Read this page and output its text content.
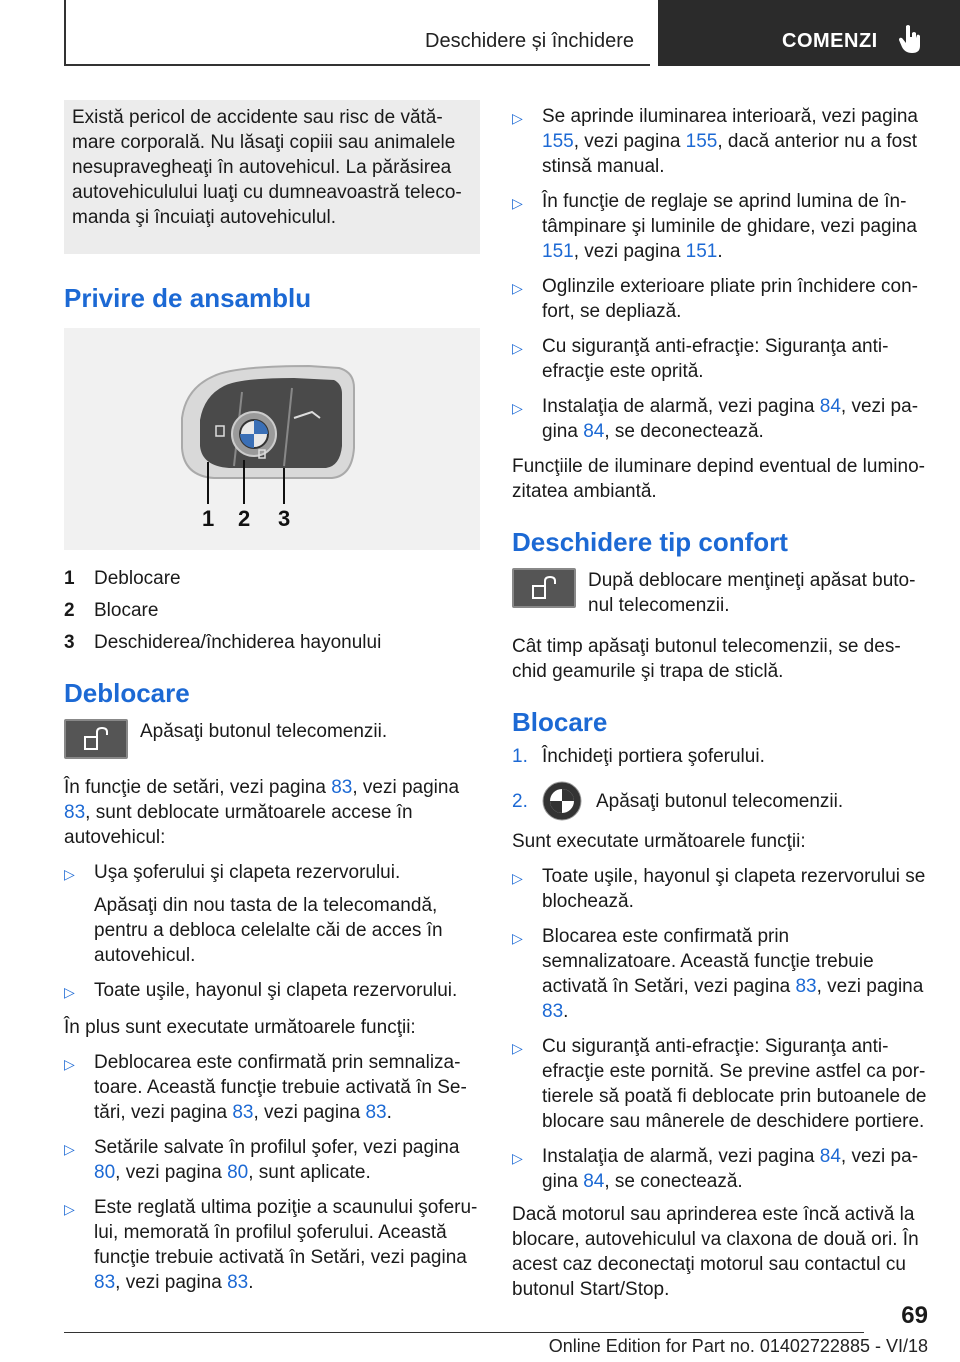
Deschidere și închidere	COMENZI
Există pericol de accidente sau risc de vătămare corporală. Nu lăsaţi copiii sau animalele nesupravegheaţi în autovehicul. La părăsirea autovehiculului luaţi cu dumneavoastră telecomanda şi încuiaţi autovehiculul.
Privire de ansamblu
1 2 3
1	Deblocare
2	Blocare
3	Deschiderea/închiderea hayonului
Deblocare
Apăsaţi butonul telecomenzii.
În funcţie de setări, vezi pagina 83, vezi pagina 83, sunt deblocate următoarele accese în autovehicul:
▷	Uşa şoferului şi clapeta rezervorului.
Apăsaţi din nou tasta de la telecomandă, pentru a debloca celelalte căi de acces în autovehicul.
▷	Toate uşile, hayonul şi clapeta rezervorului.
În plus sunt executate următoarele funcţii:
▷	Deblocarea este confirmată prin semnalizatoare. Această funcţie trebuie activată în Setări, vezi pagina 83, vezi pagina 83.
▷	Setările salvate în profilul şofer, vezi pagina 80, vezi pagina 80, sunt aplicate.
▷	Este reglată ultima poziţie a scaunului şoferului, memorată în profilul şoferului. Această funcţie trebuie activată în Setări, vezi pagina 83, vezi pagina 83.
▷	Se aprinde iluminarea interioară, vezi pagina 155, vezi pagina 155, dacă anterior nu a fost stinsă manual.
▷	În funcţie de reglaje se aprind lumina de întâmpinare şi luminile de ghidare, vezi pagina 151, vezi pagina 151.
▷	Oglinzile exterioare pliate prin închidere confort, se depliază.
▷	Cu siguranţă anti-efracţie: Siguranţa anti-efracţie este oprită.
▷	Instalaţia de alarmă, vezi pagina 84, vezi pagina 84, se deconectează.
Funcţiile de iluminare depind eventual de luminozitatea ambiantă.
Deschidere tip confort
După deblocare menţineţi apăsat butonul telecomenzii.
Cât timp apăsaţi butonul telecomenzii, se deschid geamurile şi trapa de sticlă.
Blocare
1. Închideţi portiera şoferului.
2.	Apăsaţi butonul telecomenzii.
Sunt executate următoarele funcţii:
▷	Toate uşile, hayonul şi clapeta rezervorului se blochează.
▷	Blocarea este confirmată prin semnalizatoare. Această funcţie trebuie activată în Setări, vezi pagina 83, vezi pagina 83.
▷	Cu siguranţă anti-efracţie: Siguranţa anti-efracţie este pornită. Se previne astfel ca portierele să poată fi deblocate prin butoanele de blocare sau mânerele de deschidere portiere.
▷	Instalaţia de alarmă, vezi pagina 84, vezi pagina 84, se conectează.
Dacă motorul sau aprinderea este încă activă la blocare, autovehiculul va claxona de două ori. În acest caz deconectaţi motorul sau contactul cu butonul Start/Stop.
69
Online Edition for Part no. 01402722885 - VI/18
